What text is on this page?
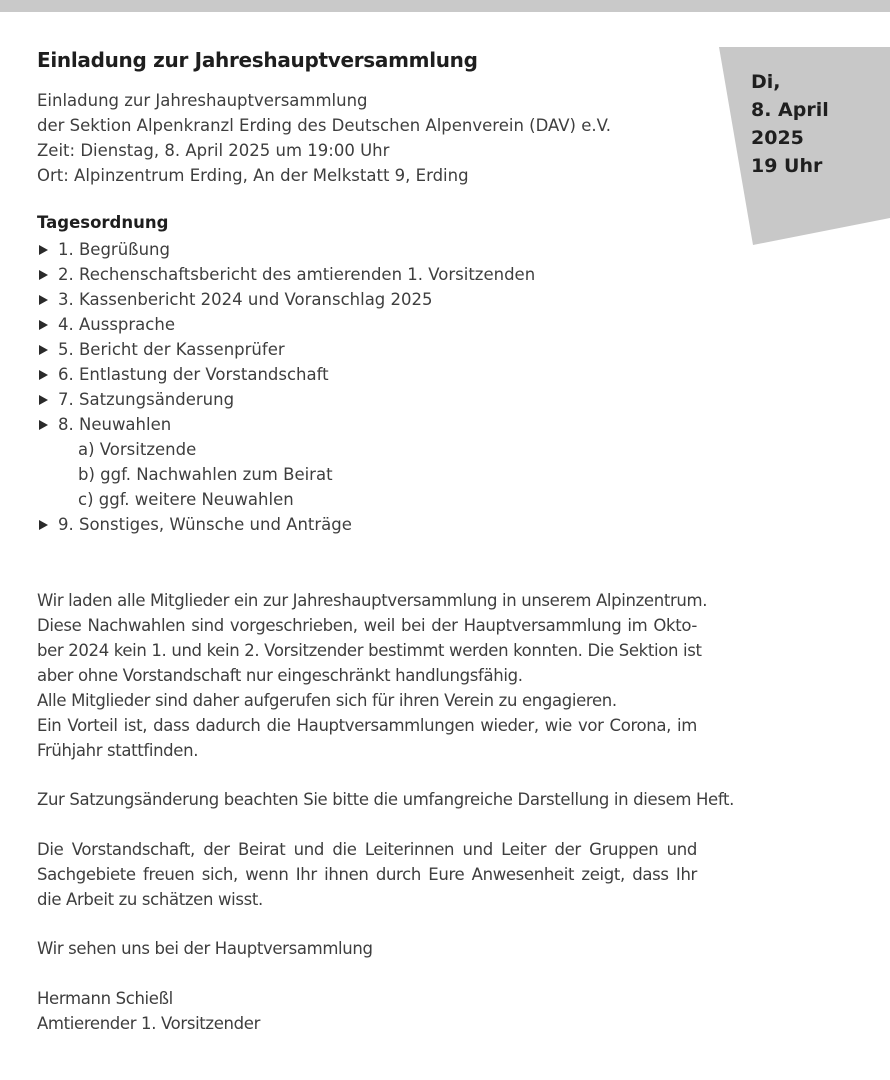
Di,
8. April
2025
19 Uhr
Einladung zur Jahreshauptversammlung
Einladung zur Jahreshauptversammlung
der Sektion Alpenkranzl Erding des Deutschen Alpenverein (DAV) e.V.
Zeit: Dienstag, 8. April 2025 um 19:00 Uhr
Ort: Alpinzentrum Erding, An der Melkstatt 9, Erding
Tagesordnung
1. Begrüßung
2. Rechenschaftsbericht des amtierenden 1. Vorsitzenden
3. Kassenbericht 2024 und Voranschlag 2025
4. Aussprache
5. Bericht der Kassenprüfer
6. Entlastung der Vorstandschaft
7. Satzungsänderung
8. Neuwahlen
a) Vorsitzende
b) ggf. Nachwahlen zum Beirat
c) ggf. weitere Neuwahlen
9. Sonstiges, Wünsche und Anträge
Wir laden alle Mitglieder ein zur Jahreshauptversammlung in unserem Alpinzentrum.
Diese Nachwahlen sind vorgeschrieben, weil bei der Hauptversammlung im Okto-
ber 2024 kein 1. und kein 2. Vorsitzender bestimmt werden konnten. Die Sektion ist
aber ohne Vorstandschaft nur eingeschränkt handlungsfähig.
Alle Mitglieder sind daher aufgerufen sich für ihren Verein zu engagieren.
Ein Vorteil ist, dass dadurch die Hauptversammlungen wieder, wie vor Corona, im
Frühjahr stattfinden.
Zur Satzungsänderung beachten Sie bitte die umfangreiche Darstellung in diesem Heft.
Die Vorstandschaft, der Beirat und die Leiterinnen und Leiter der Gruppen und
Sachgebiete freuen sich, wenn Ihr ihnen durch Eure Anwesenheit zeigt, dass Ihr
die Arbeit zu schätzen wisst.
Wir sehen uns bei der Hauptversammlung
Hermann Schießl
Amtierender 1. Vorsitzender
